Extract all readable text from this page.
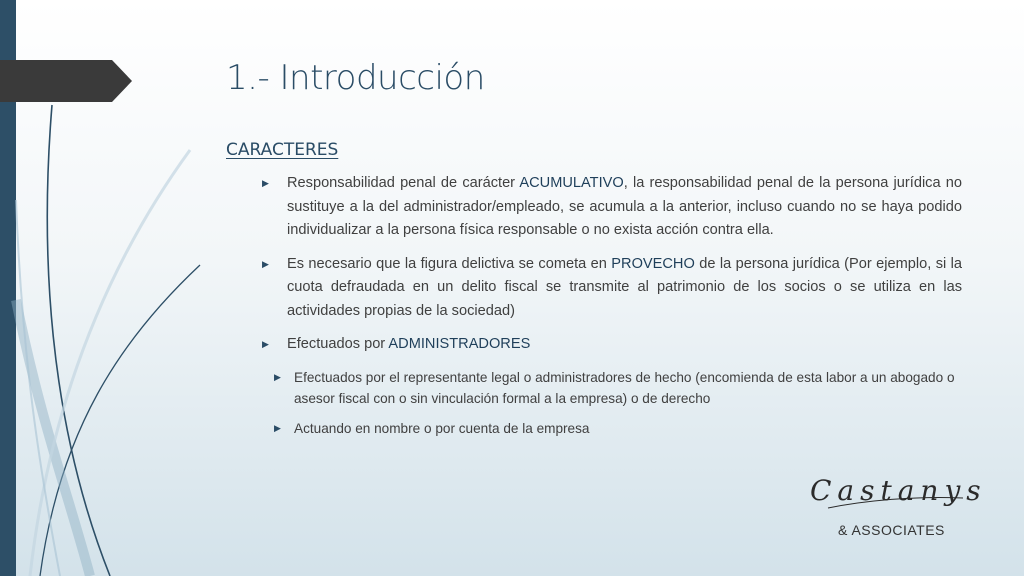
1.- Introducción
CARACTERES
▶ Responsabilidad penal de carácter ACUMULATIVO, la responsabilidad penal de la persona jurídica no sustituye a la del administrador/empleado, se acumula a la anterior, incluso cuando no se haya podido individualizar a la persona física responsable o no exista acción contra ella.
▶ Es necesario que la figura delictiva se cometa en PROVECHO de la persona jurídica (Por ejemplo, si la cuota defraudada en un delito fiscal se transmite al patrimonio de los socios o se utiliza en las actividades propias de la sociedad)
▶ Efectuados por ADMINISTRADORES
▶ Efectuados por el representante legal o administradores de hecho (encomienda de esta labor a un abogado o asesor fiscal con o sin vinculación formal a la empresa) o de derecho
▶ Actuando en nombre o por cuenta de la empresa
Castanys
& ASSOCIATES
